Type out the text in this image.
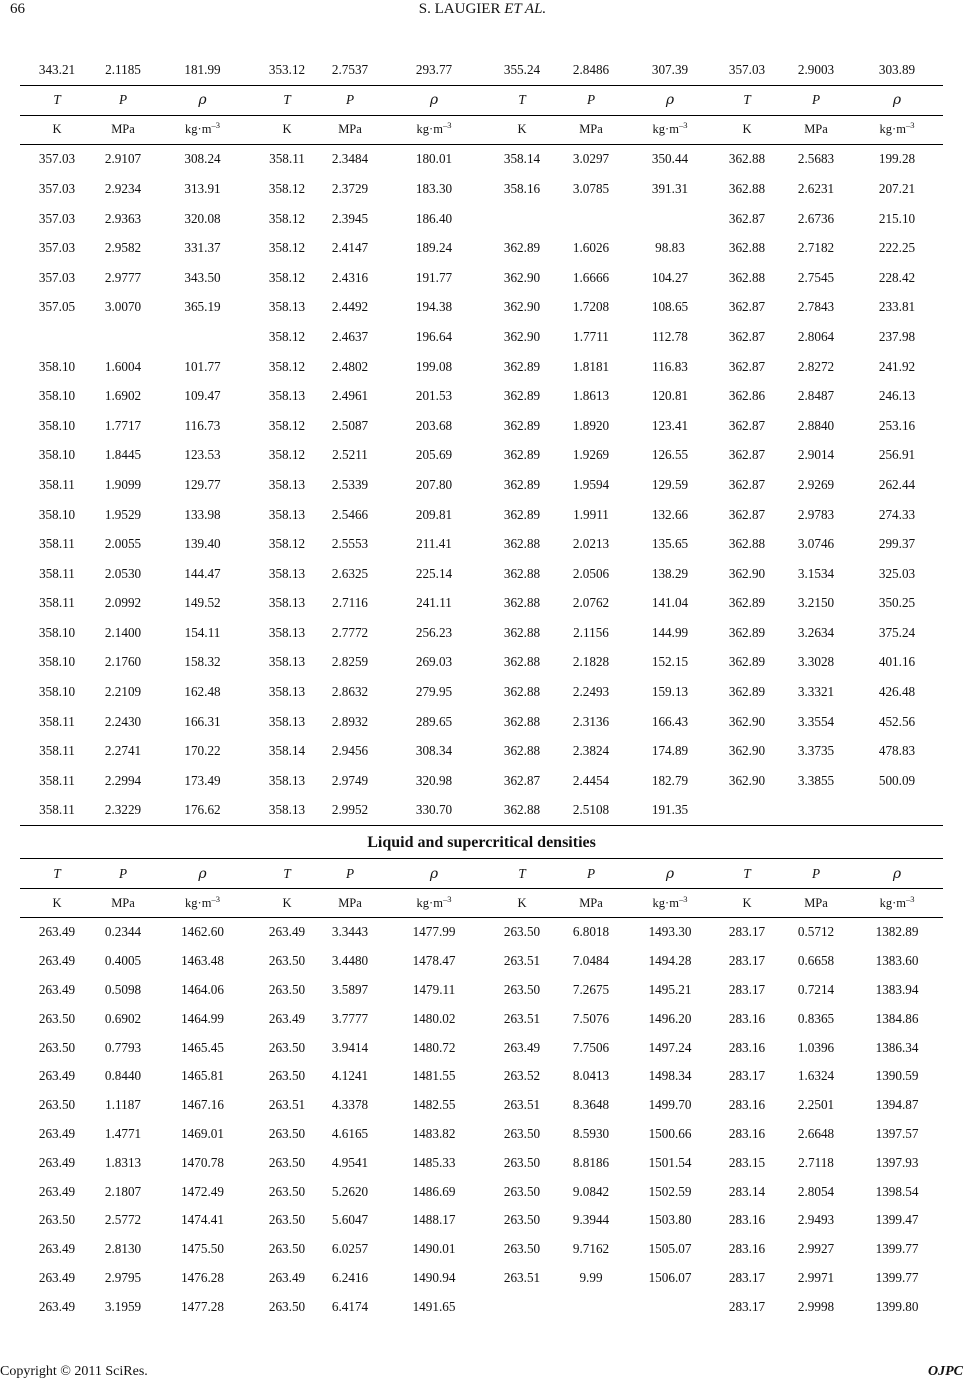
66	S. LAUGIER ET AL.
343.21	2.1185	181.99	353.12	2.7537	293.77	355.24	2.8486	307.39	357.03	2.9003	303.89
T	P	ρ	T	P	ρ	T	P	ρ	T	P	ρ
K	MPa	$kg\cdot m^{-3}$	K	MPa	$kg\cdot m^{-3}$	K	MPa	$kg\cdot m^{-3}$	K	MPa	$kg\cdot m^{-3}$
357.03	2.9107	308.24	358.11	2.3484	180.01	358.14	3.0297	350.44	362.88	2.5683	199.28
357.03	2.9234	313.91	358.12	2.3729	183.30	358.16	3.0785	391.31	362.88	2.6231	207.21
357.03	2.9363	320.08	358.12	2.3945	186.40				362.87	2.6736	215.10
357.03	2.9582	331.37	358.12	2.4147	189.24	362.89	1.6026	98.83	362.88	2.7182	222.25
357.03	2.9777	343.50	358.12	2.4316	191.77	362.90	1.6666	104.27	362.88	2.7545	228.42
357.05	3.0070	365.19	358.13	2.4492	194.38	362.90	1.7208	108.65	362.87	2.7843	233.81
			358.12	2.4637	196.64	362.90	1.7711	112.78	362.87	2.8064	237.98
358.10	1.6004	101.77	358.12	2.4802	199.08	362.89	1.8181	116.83	362.87	2.8272	241.92
358.10	1.6902	109.47	358.13	2.4961	201.53	362.89	1.8613	120.81	362.86	2.8487	246.13
358.10	1.7717	116.73	358.12	2.5087	203.68	362.89	1.8920	123.41	362.87	2.8840	253.16
358.10	1.8445	123.53	358.12	2.5211	205.69	362.89	1.9269	126.55	362.87	2.9014	256.91
358.11	1.9099	129.77	358.13	2.5339	207.80	362.89	1.9594	129.59	362.87	2.9269	262.44
358.10	1.9529	133.98	358.13	2.5466	209.81	362.89	1.9911	132.66	362.87	2.9783	274.33
358.11	2.0055	139.40	358.12	2.5553	211.41	362.88	2.0213	135.65	362.88	3.0746	299.37
358.11	2.0530	144.47	358.13	2.6325	225.14	362.88	2.0506	138.29	362.90	3.1534	325.03
358.11	2.0992	149.52	358.13	2.7116	241.11	362.88	2.0762	141.04	362.89	3.2150	350.25
358.10	2.1400	154.11	358.13	2.7772	256.23	362.88	2.1156	144.99	362.89	3.2634	375.24
358.10	2.1760	158.32	358.13	2.8259	269.03	362.88	2.1828	152.15	362.89	3.3028	401.16
358.10	2.2109	162.48	358.13	2.8632	279.95	362.88	2.2493	159.13	362.89	3.3321	426.48
358.11	2.2430	166.31	358.13	2.8932	289.65	362.88	2.3136	166.43	362.90	3.3554	452.56
358.11	2.2741	170.22	358.14	2.9456	308.34	362.88	2.3824	174.89	362.90	3.3735	478.83
358.11	2.2994	173.49	358.13	2.9749	320.98	362.87	2.4454	182.79	362.90	3.3855	500.09
358.11	2.3229	176.62	358.13	2.9952	330.70	362.88	2.5108	191.35			
Liquid and supercritical densities											
T	P	ρ	T	P	ρ	T	P	ρ	T	P	ρ
K	MPa	$kg\cdot m^{-3}$	K	MPa	$kg\cdot m^{-3}$	K	MPa	$kg\cdot m^{-3}$	K	MPa	$kg\cdot m^{-3}$
263.49	0.2344	1462.60	263.49	3.3443	1477.99	263.50	6.8018	1493.30	283.17	0.5712	1382.89
263.49	0.4005	1463.48	263.50	3.4480	1478.47	263.51	7.0484	1494.28	283.17	0.6658	1383.60
263.49	0.5098	1464.06	263.50	3.5897	1479.11	263.50	7.2675	1495.21	283.17	0.7214	1383.94
263.50	0.6902	1464.99	263.49	3.7777	1480.02	263.51	7.5076	1496.20	283.16	0.8365	1384.86
263.50	0.7793	1465.45	263.50	3.9414	1480.72	263.49	7.7506	1497.24	283.16	1.0396	1386.34
263.49	0.8440	1465.81	263.50	4.1241	1481.55	263.52	8.0413	1498.34	283.17	1.6324	1390.59
263.50	1.1187	1467.16	263.51	4.3378	1482.55	263.51	8.3648	1499.70	283.16	2.2501	1394.87
263.49	1.4771	1469.01	263.50	4.6165	1483.82	263.50	8.5930	1500.66	283.16	2.6648	1397.57
263.49	1.8313	1470.78	263.50	4.9541	1485.33	263.50	8.8186	1501.54	283.15	2.7118	1397.93
263.49	2.1807	1472.49	263.50	5.2620	1486.69	263.50	9.0842	1502.59	283.14	2.8054	1398.54
263.50	2.5772	1474.41	263.50	5.6047	1488.17	263.50	9.3944	1503.80	283.16	2.9493	1399.47
263.49	2.8130	1475.50	263.50	6.0257	1490.01	263.50	9.7162	1505.07	283.16	2.9927	1399.77
263.49	2.9795	1476.28	263.49	6.2416	1490.94	263.51	9.99	1506.07	283.17	2.9971	1399.77
263.49	3.1959	1477.28	263.50	6.4174	1491.65				283.17	2.9998	1399.80
Copyright © 2011 SciRes.	OJPC
